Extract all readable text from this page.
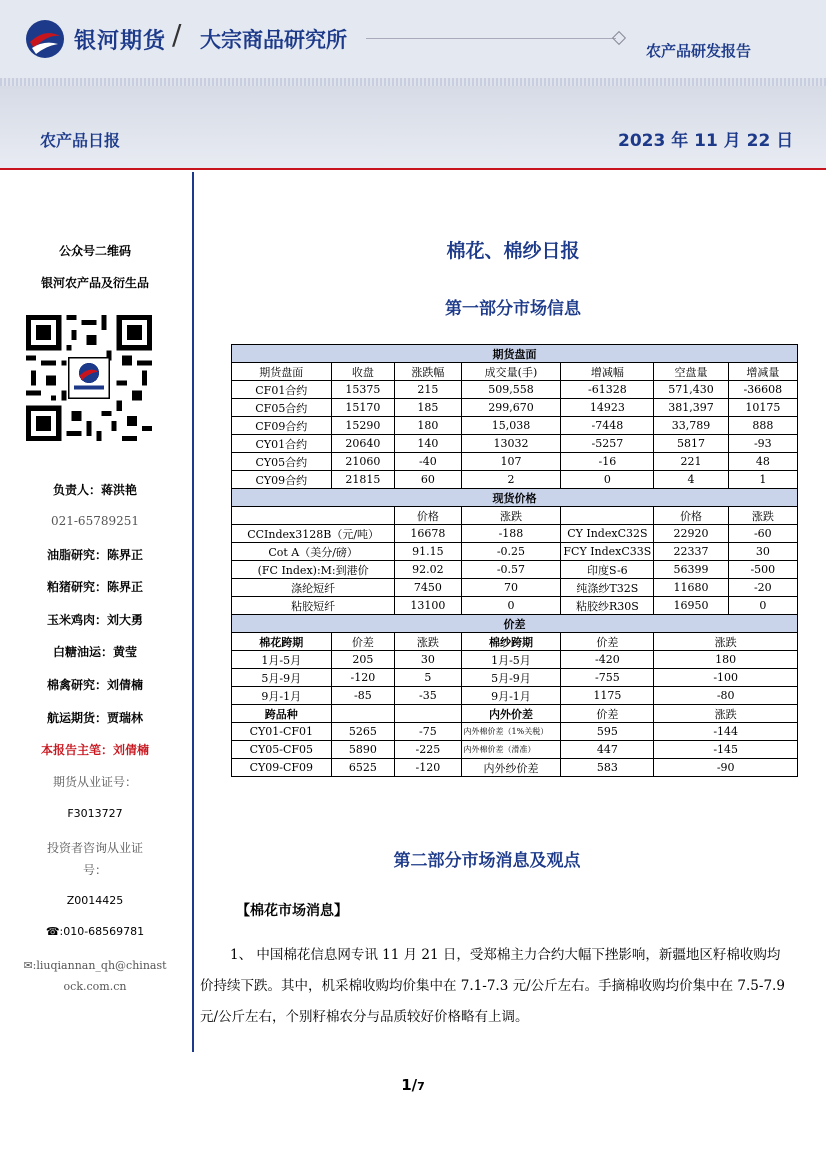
银河期货 / 大宗商品研究所	农产品研发报告
农产品日报	2023 年 11 月 22 日
公众号二维码
银河农产品及衍生品
负责人：蒋洪艳
021-65789251
油脂研究：陈界正
粕猪研究：陈界正
玉米鸡肉：刘大勇
白糖油运：黄莹
棉禽研究：刘倩楠
航运期货：贾瑞林
本报告主笔：刘倩楠
期货从业证号：
F3013727
投资者咨询从业证
号：
Z0014425
☎:010-68569781
✉:liuqiannan_qh@chinast
ock.com.cn
棉花、棉纱日报
第一部分市场信息
期货盘面						
期货盘面	收盘	涨跌幅	成交量(手)	增减幅	空盘量	增减量
CF01合约	15375	215	509,558	-61328	571,430	-36608
CF05合约	15170	185	299,670	14923	381,397	10175
CF09合约	15290	180	15,038	-7448	33,789	888
CY01合约	20640	140	13032	-5257	5817	-93
CY05合约	21060	-40	107	-16	221	48
CY09合约	21815	60	2	0	4	1
现货价格						
		价格	涨跌		价格	涨跌
CCIndex3128B（元/吨）		16678	-188	CY IndexC32S	22920	-60
Cot A（美分/磅）		91.15	-0.25	FCY IndexC33S	22337	30
(FC Index):M:到港价		92.02	-0.57	印度S-6	56399	-500
涤纶短纤		7450	70	纯涤纱T32S	11680	-20
粘胶短纤		13100	0	粘胶纱R30S	16950	0
价差						
棉花跨期	价差	涨跌	棉纱跨期	价差	涨跌	
1月-5月	205	30	1月-5月	-420	180	
5月-9月	-120	5	5月-9月	-755	-100	
9月-1月	-85	-35	9月-1月	1175	-80	
跨品种			内外价差	价差	涨跌	
CY01-CF01	5265	-75	内外棉价差（1%关税）	595	-144	
CY05-CF05	5890	-225	内外棉价差（滑准）	447	-145	
CY09-CF09	6525	-120	内外纱价差	583	-90	
第二部分市场消息及观点
【棉花市场消息】
1、 中国棉花信息网专讯 11 月 21 日，受郑棉主力合约大幅下挫影响，新疆地区籽棉收购均价持续下跌。其中，机采棉收购均价集中在 7.1-7.3 元/公斤左右。手摘棉收购均价集中在 7.5-7.9 元/公斤左右，个别籽棉农分与品质较好价格略有上调。
1/7
